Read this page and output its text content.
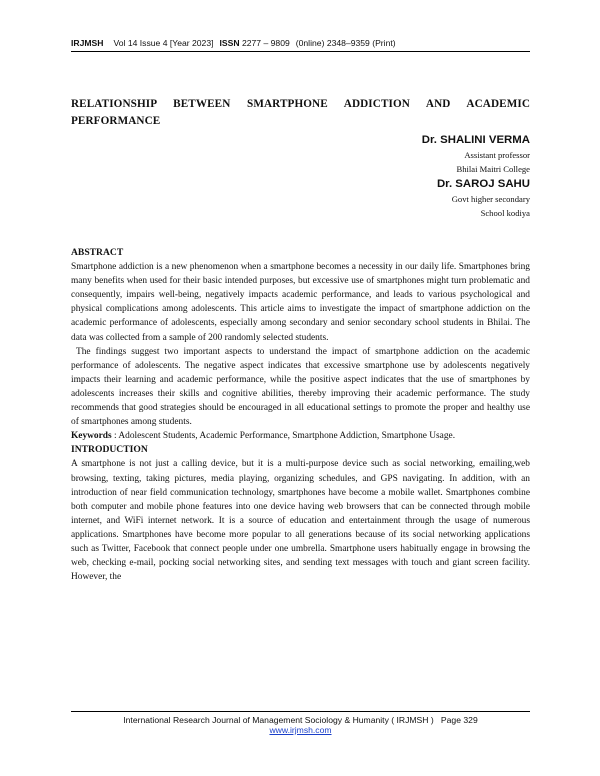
IRJMSH Vol 14 Issue 4 [Year 2023] ISSN 2277 – 9809 (0nline) 2348–9359 (Print)
RELATIONSHIP BETWEEN SMARTPHONE ADDICTION AND ACADEMIC PERFORMANCE
Dr. SHALINI VERMA
Assistant professor
Bhilai Maitri College
Dr. SAROJ SAHU
Govt higher secondary
School kodiya
ABSTRACT

Smartphone addiction is a new phenomenon when a smartphone becomes a necessity in our daily life. Smartphones bring many benefits when used for their basic intended purposes, but excessive use of smartphones might turn problematic and consequently, impairs well-being, negatively impacts academic performance, and leads to various psychological and physical complications among adolescents. This article aims to investigate the impact of smartphone addiction on the academic performance of adolescents, especially among secondary and senior secondary school students in Bhilai. The data was collected from a sample of 200 randomly selected students.

The findings suggest two important aspects to understand the impact of smartphone addiction on the academic performance of adolescents. The negative aspect indicates that excessive smartphone use by adolescents negatively impacts their learning and academic performance, while the positive aspect indicates that the use of smartphones by adolescents increases their skills and cognitive abilities, thereby improving their academic performance. The study recommends that good strategies should be encouraged in all educational settings to promote the proper and healthy use of smartphones among students.

Keywords : Adolescent Students, Academic Performance, Smartphone Addiction, Smartphone Usage.

INTRODUCTION

A smartphone is not just a calling device, but it is a multi-purpose device such as social networking, emailing,web browsing, texting, taking pictures, media playing, organizing schedules, and GPS navigating. In addition, with an introduction of near field communication technology, smartphones have become a mobile wallet. Smartphones combine both computer and mobile phone features into one device having web browsers that can be connected through mobile internet, and WiFi internet network. It is a source of education and entertainment through the usage of numerous applications. Smartphones have become more popular to all generations because of its social networking applications such as Twitter, Facebook that connect people under one umbrella. Smartphone users habitually engage in browsing the web, checking e-mail, pocking social networking sites, and sending text messages with touch and giant screen facility. However, the

International Research Journal of Management Sociology & Humanity ( IRJMSH ) Page 329
www.irjmsh.com
